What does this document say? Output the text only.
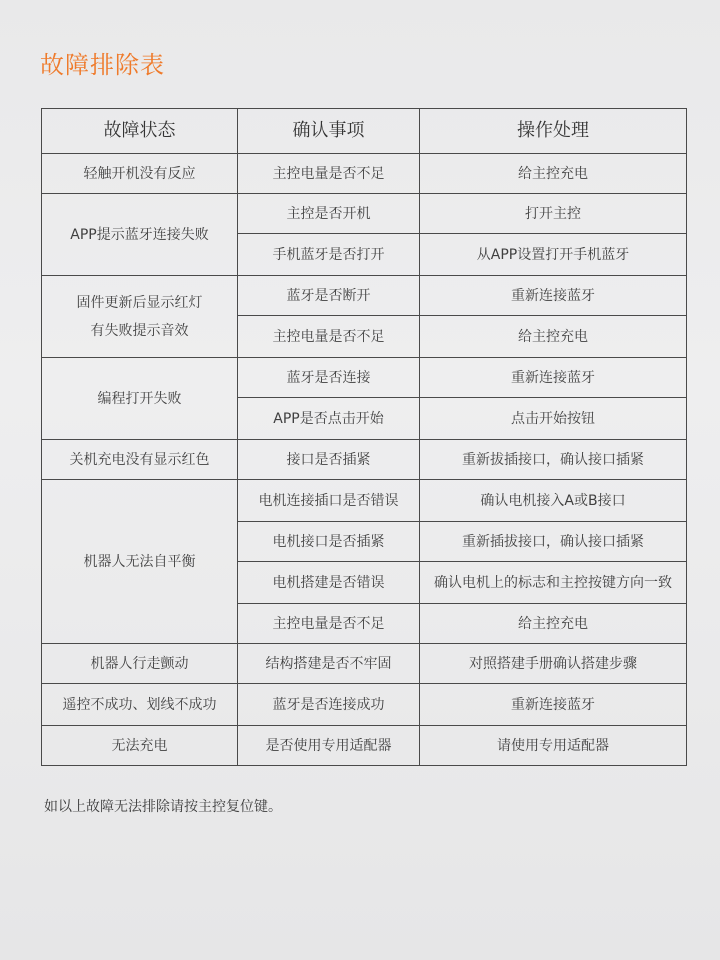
故障排除表
故障状态	确认事项	操作处理

轻触开机没有反应	主控电量是否不足	给主控充电

APP提示蓝牙连接失败	主控是否开机	打开主控
	手机蓝牙是否打开	从APP设置打开手机蓝牙

固件更新后显示红灯
有失败提示音效	蓝牙是否断开	重新连接蓝牙
	主控电量是否不足	给主控充电

编程打开失败	蓝牙是否连接	重新连接蓝牙
	APP是否点击开始	点击开始按钮

关机充电没有显示红色	接口是否插紧	重新拔插接口，确认接口插紧

机器人无法自平衡	电机连接插口是否错误	确认电机接入A或B接口
	电机接口是否插紧	重新插拔接口，确认接口插紧
	电机搭建是否错误	确认电机上的标志和主控按键方向一致
	主控电量是否不足	给主控充电

机器人行走颤动	结构搭建是否不牢固	对照搭建手册确认搭建步骤

遥控不成功、划线不成功	蓝牙是否连接成功	重新连接蓝牙

无法充电	是否使用专用适配器	请使用专用适配器
如以上故障无法排除请按主控复位键。
